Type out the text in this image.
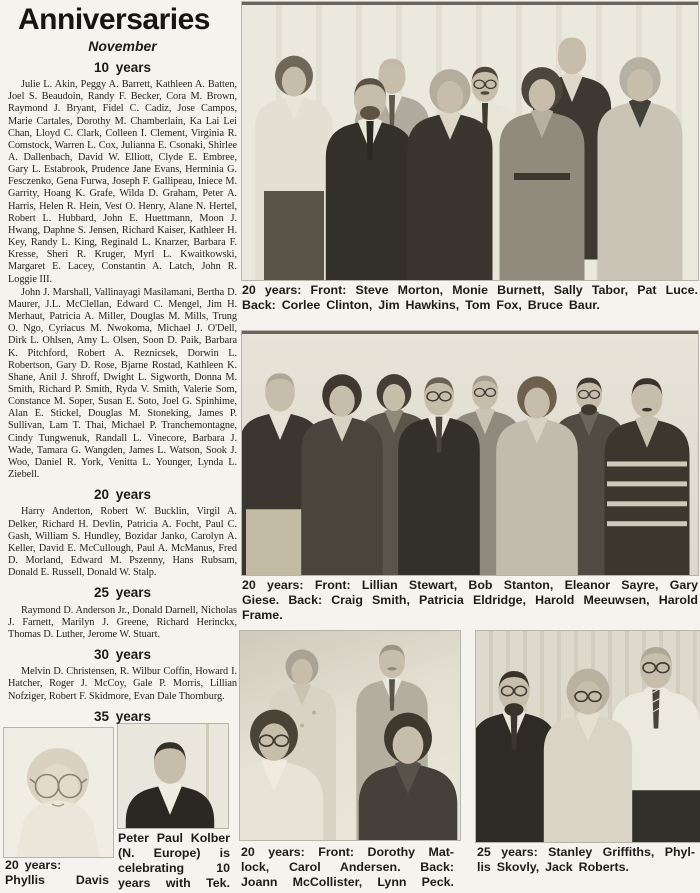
Anniversaries
November
10 years

Julie L. Akin, Peggy A. Barrett, Kathleen A. Batten, Joel S. Beaudoin, Randy F. Becker, Cora M. Brown, Raymond J. Bryant, Fidel C. Cadiz, Jose Campos, Marie Cartales, Dorothy M. Chamberlain, Ka Lai Lei Chan, Lloyd C. Clark, Colleen I. Clement, Virginia R. Comstock, Warren L. Cox, Julianna E. Csonaki, Shirlee A. Dallenbach, David W. Elliott, Clyde E. Embree, Gary L. Estabrook, Prudence Jane Evans, Herminia G. Fesczenko, Gena Furwa, Joseph F. Gallipeau, Iniece M. Garrity, Hoang K. Grafe, Wilda D. Graham, Peter A. Harris, Helen R. Hein, Vest O. Henry, Alane N. Hertel, Robert L. Hubbard, John E. Huettmann, Moon J. Hwang, Daphne S. Jensen, Richard Kaiser, Kathleer H. Key, Randy L. King, Reginald L. Knarzer, Barbara F. Kresse, Sheri R. Kruger, Myrl L. Kwaitkowski, Margaret E. Lacey, Constantin A. Latch, John R. Loggie III.

John J. Marshall, Vallinayagi Masilamani, Bertha D. Maurer, J.L. McClellan, Edward C. Mengel, Jim H. Merhaut, Patricia A. Miller, Douglas M. Mills, Trung O. Ngo, Cyriacus M. Nwokoma, Michael J. O'Dell, Dirk L. Ohlsen, Amy L. Olsen, Soon D. Paik, Barbara K. Pitchford, Robert A. Reznicsek, Dorwin L. Robertson, Gary D. Rose, Bjarne Rostad, Kathleen K. Shane, Anil J. Shroff, Dwight L. Sigworth, Donna M. Smith, Richard P. Smith, Ryda V. Smith, Valerie Som, Constance M. Soper, Susan E. Soto, Joel G. Spinhime, Alan E. Stickel, Douglas M. Stoneking, James P. Sullivan, Lam T. Thai, Michael P. Tranchemontagne, Cindy Tungwenuk, Randall L. Vinecore, Barbara J. Wade, Tamara G. Wangden, James L. Watson, Sook J. Woo, Daniel R. York, Venitta L. Younger, Lynda L. Ziebell.

20 years

Harry Anderton, Robert W. Bucklin, Virgil A. Delker, Richard H. Devlin, Patricia A. Focht, Paul C. Gash, William S. Hundley, Bozidar Janko, Carolyn A. Keller, David E. McCullough, Paul A. McManus, Fred D. Morland, Edward M. Pszenny, Hans Rubsam, Donald E. Russell, Donald W. Stalp.

25 years

Raymond D. Anderson Jr., Donald Darnell, Nicholas J. Farnett, Marilyn J. Greene, Richard Herinckx, Thomas D. Luther, Jerome W. Stuart.

30 years

Melvin D. Christensen, R. Wilbur Coffin, Howard I. Hatcher, Roger J. McCoy, Gale P. Morris, Lillian Nofziger, Robert F. Skidmore, Evan Dale Thornburg.

35 years

20 years: Front: Steve Morton, Monie Burnett, Sally Tabor, Pat Luce.
Back: Corlee Clinton, Jim Hawkins, Tom Fox, Bruce Baur.
20 years: Front: Lillian Stewart, Bob Stanton, Eleanor Sayre, Gary
Giese. Back: Craig Smith, Patricia Eldridge, Harold Meeuwsen, Harold
Frame.
20 years: Front: Dorothy Mat-
lock, Carol Andersen. Back:
Joann McCollister, Lynn Peck.
25 years: Stanley Griffiths, Phyl-
lis Skovly, Jack Roberts.
20 years:
Phyllis Davis
Peter Paul Kolber
(N. Europe) is
celebrating 10
years with Tek.
